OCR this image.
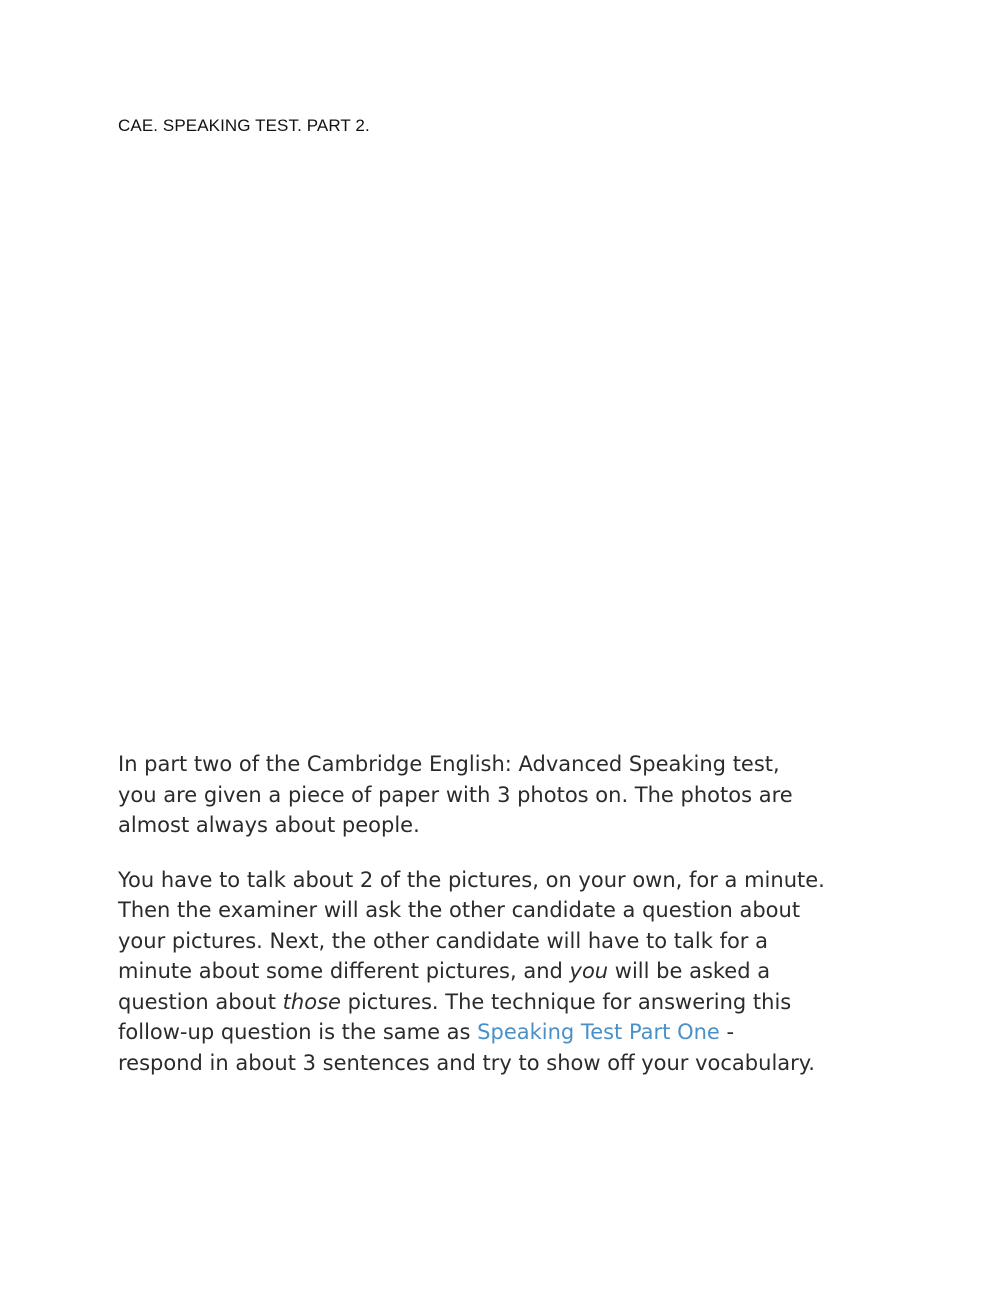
CAE. SPEAKING TEST. PART 2.

In part two of the Cambridge English: Advanced Speaking test,

you are given a piece of paper with 3 photos on. The photos are

almost always about people.

You have to talk about 2 of the pictures, on your own, for a minute.

Then the examiner will ask the other candidate a question about

your pictures. Next, the other candidate will have to talk for a

minute about some different pictures, and you will be asked a

question about those pictures. The technique for answering this

follow-up question is the same as Speaking Test Part One -

respond in about 3 sentences and try to show off your vocabulary.
